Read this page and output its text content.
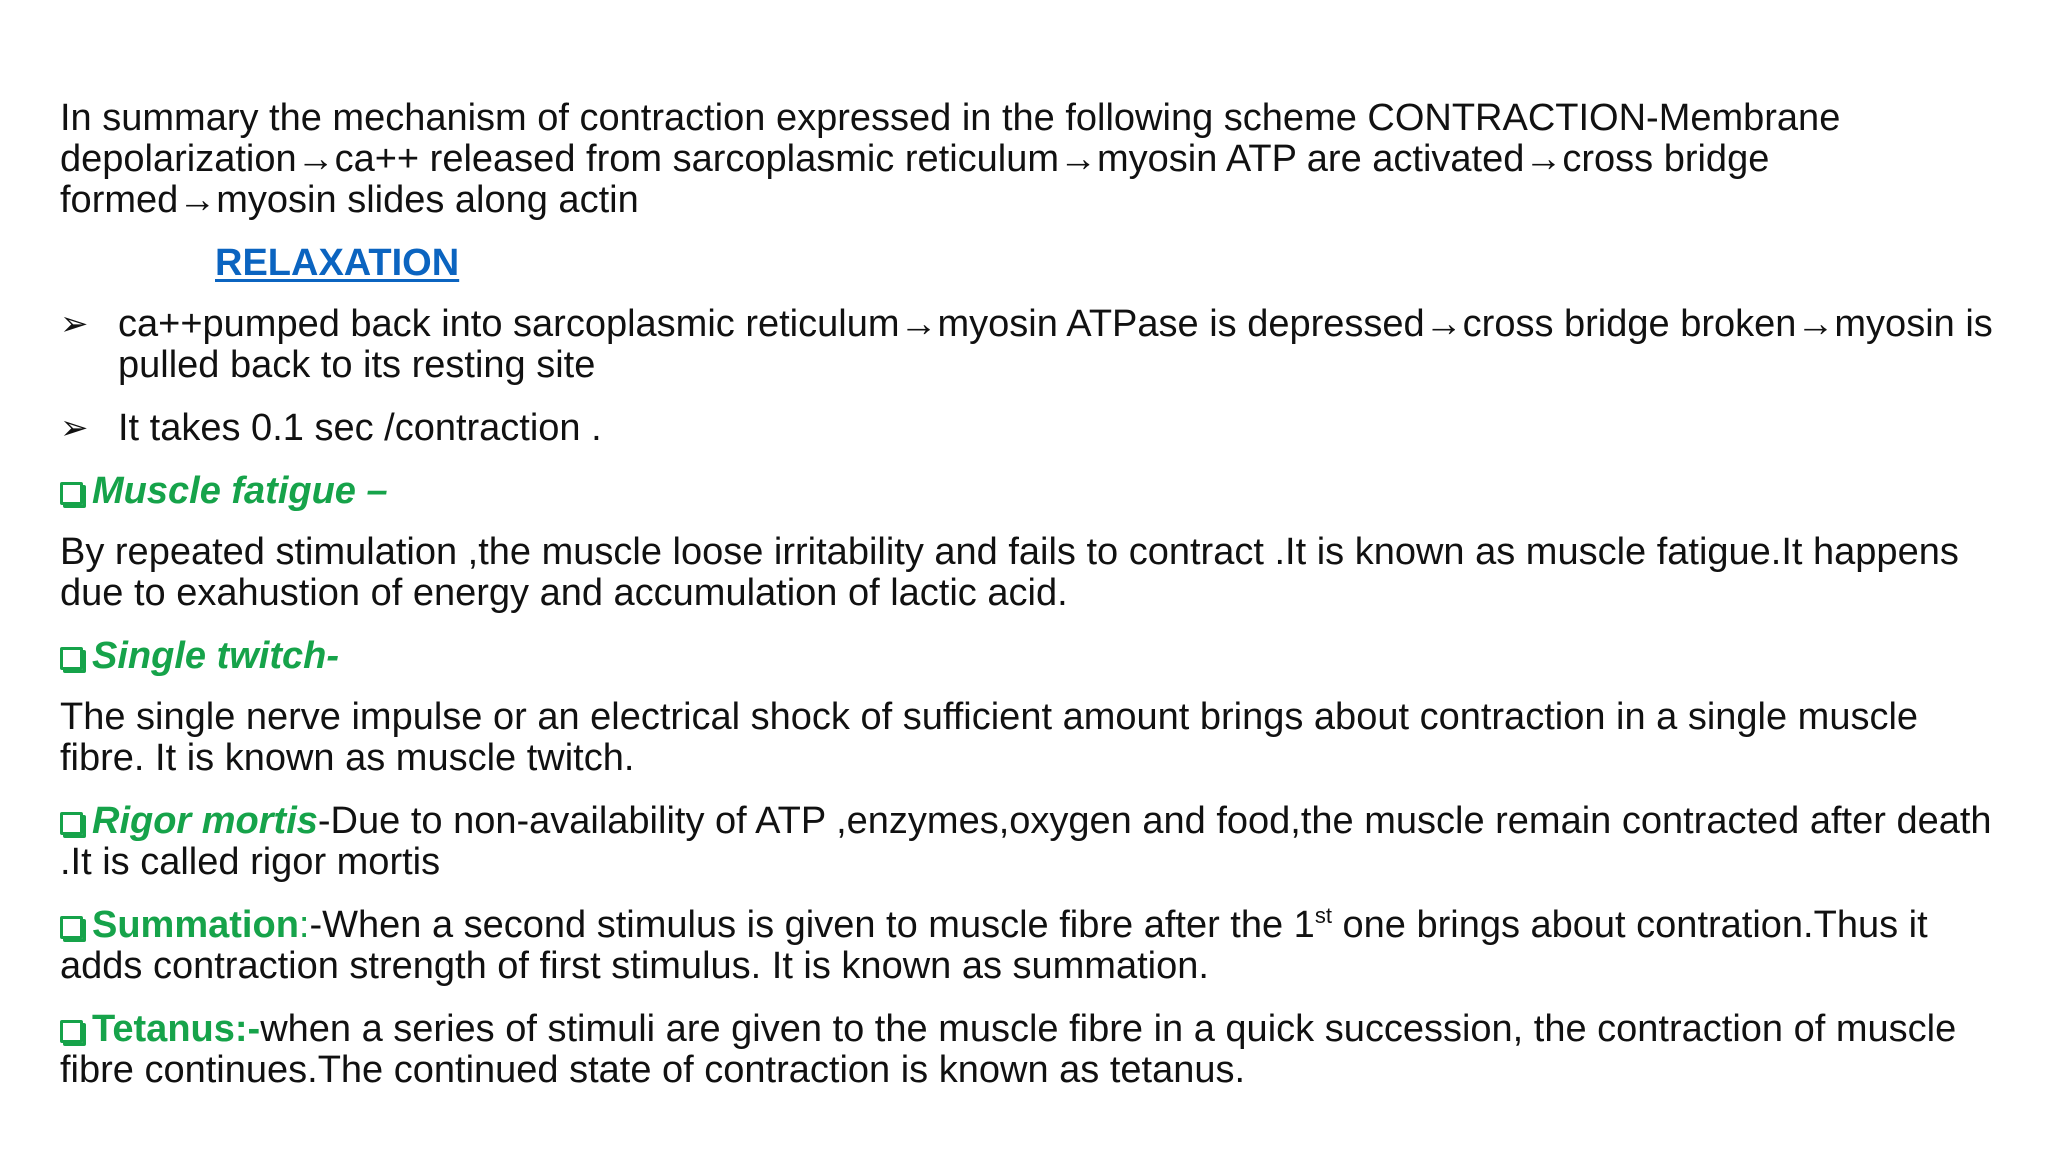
In summary the mechanism of contraction expressed in the following scheme CONTRACTION-Membrane depolarization→ca++ released from sarcoplasmic reticulum→myosin ATP are activated→cross bridge formed→myosin slides along actin

RELAXATION
➢ ca++pumped back into sarcoplasmic reticulum→myosin ATPase is depressed→cross bridge broken→myosin is pulled back to its resting site
➢ It takes 0.1 sec /contraction .

Muscle fatigue –

By repeated stimulation ,the muscle loose irritability and fails to contract .It is known as muscle fatigue.It happens due to exahustion of energy and accumulation of lactic acid.

Single twitch-

The single nerve impulse or an electrical shock of sufficient amount brings about contraction in a single muscle fibre. It is known as muscle twitch.

Rigor mortis-Due to non-availability of ATP ,enzymes,oxygen and food,the muscle remain contracted after death .It is called rigor mortis

Summation:-When a second stimulus is given to muscle fibre after the 1st one brings about contration.Thus it adds contraction strength of first stimulus. It is known as summation.

Tetanus:-when a series of stimuli are given to the muscle fibre in a quick succession, the contraction of muscle fibre continues.The continued state of contraction is known as tetanus.
